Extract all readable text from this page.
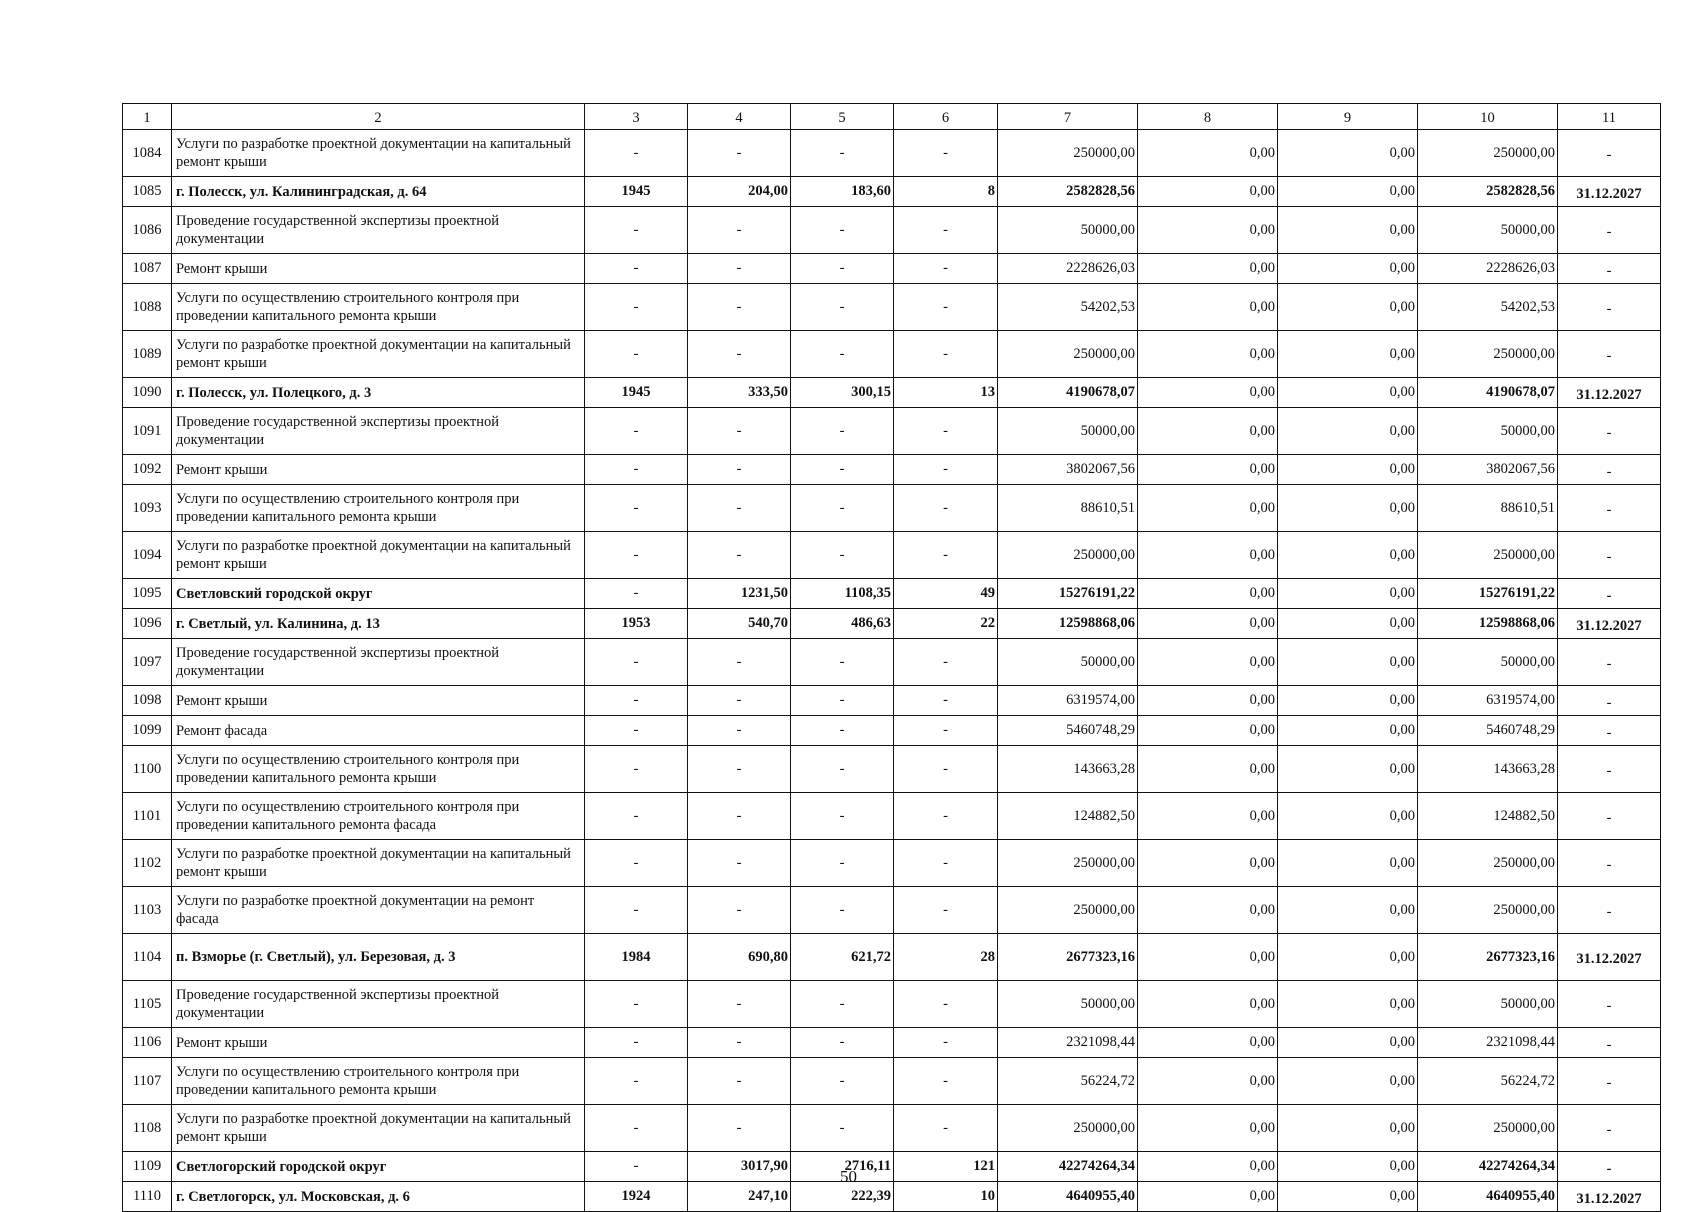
1	2	3	4	5	6	7	8	9	10	11
1084	Услуги по разработке проектной документации на капитальный ремонт крыши	-	-	-	-	250000,00	0,00	0,00	250000,00	-
1085	г. Полесск, ул. Калининградская, д. 64	1945	204,00	183,60	8	2582828,56	0,00	0,00	2582828,56	31.12.2027
1086	Проведение государственной экспертизы проектной документации	-	-	-	-	50000,00	0,00	0,00	50000,00	-
1087	Ремонт крыши	-	-	-	-	2228626,03	0,00	0,00	2228626,03	-
1088	Услуги по осуществлению строительного контроля при проведении капитального ремонта крыши	-	-	-	-	54202,53	0,00	0,00	54202,53	-
1089	Услуги по разработке проектной документации на капитальный ремонт крыши	-	-	-	-	250000,00	0,00	0,00	250000,00	-
1090	г. Полесск, ул. Полецкого, д. 3	1945	333,50	300,15	13	4190678,07	0,00	0,00	4190678,07	31.12.2027
1091	Проведение государственной экспертизы проектной документации	-	-	-	-	50000,00	0,00	0,00	50000,00	-
1092	Ремонт крыши	-	-	-	-	3802067,56	0,00	0,00	3802067,56	-
1093	Услуги по осуществлению строительного контроля при проведении капитального ремонта крыши	-	-	-	-	88610,51	0,00	0,00	88610,51	-
1094	Услуги по разработке проектной документации на капитальный ремонт крыши	-	-	-	-	250000,00	0,00	0,00	250000,00	-
1095	Светловский городской округ	-	1231,50	1108,35	49	15276191,22	0,00	0,00	15276191,22	-
1096	г. Светлый, ул. Калинина, д. 13	1953	540,70	486,63	22	12598868,06	0,00	0,00	12598868,06	31.12.2027
1097	Проведение государственной экспертизы проектной документации	-	-	-	-	50000,00	0,00	0,00	50000,00	-
1098	Ремонт крыши	-	-	-	-	6319574,00	0,00	0,00	6319574,00	-
1099	Ремонт фасада	-	-	-	-	5460748,29	0,00	0,00	5460748,29	-
1100	Услуги по осуществлению строительного контроля при проведении капитального ремонта крыши	-	-	-	-	143663,28	0,00	0,00	143663,28	-
1101	Услуги по осуществлению строительного контроля при проведении капитального ремонта фасада	-	-	-	-	124882,50	0,00	0,00	124882,50	-
1102	Услуги по разработке проектной документации на капитальный ремонт крыши	-	-	-	-	250000,00	0,00	0,00	250000,00	-
1103	Услуги по разработке проектной документации на ремонт фасада	-	-	-	-	250000,00	0,00	0,00	250000,00	-
1104	п. Взморье (г. Светлый), ул. Березовая, д. 3	1984	690,80	621,72	28	2677323,16	0,00	0,00	2677323,16	31.12.2027
1105	Проведение государственной экспертизы проектной документации	-	-	-	-	50000,00	0,00	0,00	50000,00	-
1106	Ремонт крыши	-	-	-	-	2321098,44	0,00	0,00	2321098,44	-
1107	Услуги по осуществлению строительного контроля при проведении капитального ремонта крыши	-	-	-	-	56224,72	0,00	0,00	56224,72	-
1108	Услуги по разработке проектной документации на капитальный ремонт крыши	-	-	-	-	250000,00	0,00	0,00	250000,00	-
1109	Светлогорский городской округ	-	3017,90	2716,11	121	42274264,34	0,00	0,00	42274264,34	-
1110	г. Светлогорск, ул. Московская, д. 6	1924	247,10	222,39	10	4640955,40	0,00	0,00	4640955,40	31.12.2027
50
